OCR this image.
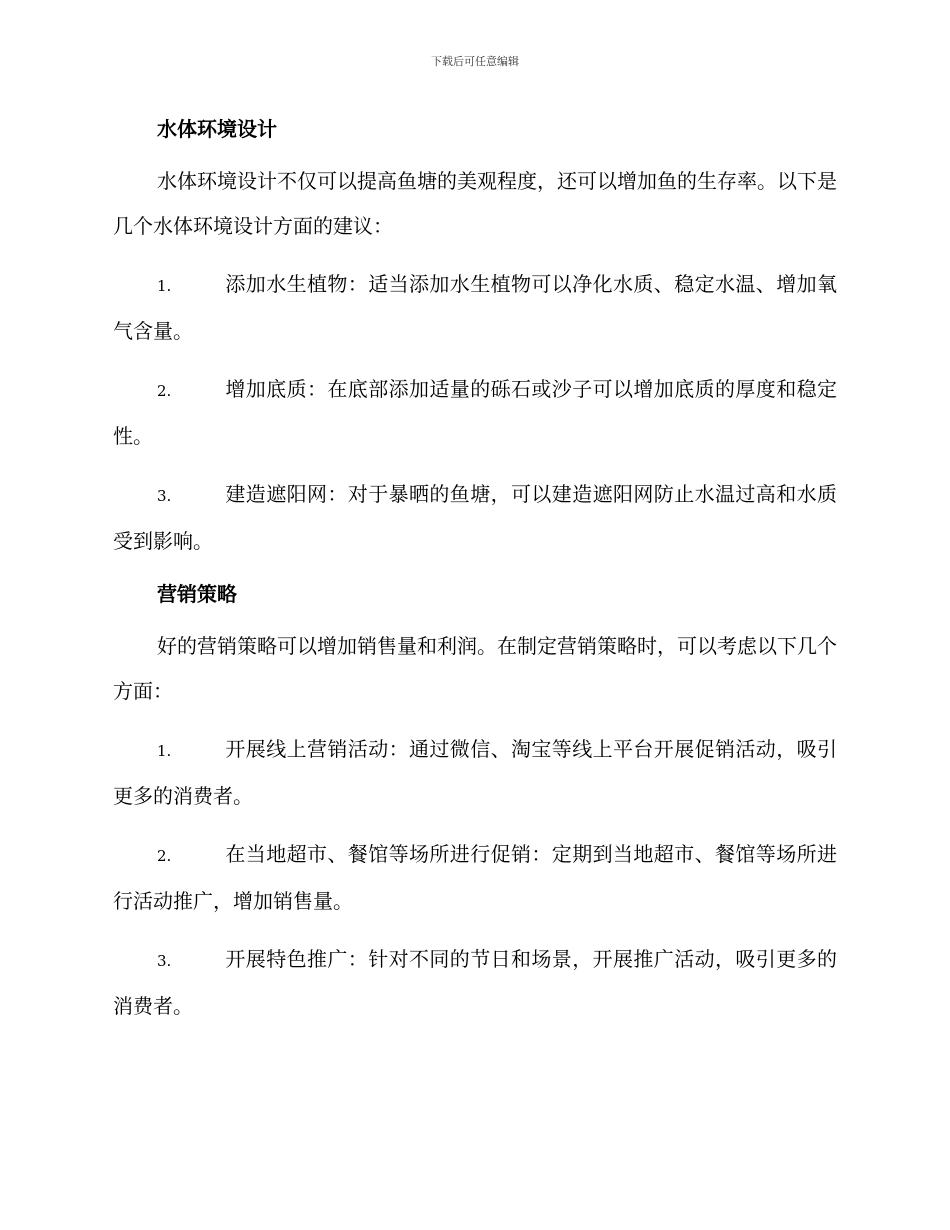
下载后可任意编辑
水体环境设计
水体环境设计不仅可以提高鱼塘的美观程度，还可以增加鱼的生存率。以下是几个水体环境设计方面的建议：
1.	添加水生植物：适当添加水生植物可以净化水质、稳定水温、增加氧气含量。
2.	增加底质：在底部添加适量的砾石或沙子可以增加底质的厚度和稳定性。
3.	建造遮阳网：对于暴晒的鱼塘，可以建造遮阳网防止水温过高和水质受到影响。
营销策略
好的营销策略可以增加销售量和利润。在制定营销策略时，可以考虑以下几个方面：
1.	开展线上营销活动：通过微信、淘宝等线上平台开展促销活动，吸引更多的消费者。
2.	在当地超市、餐馆等场所进行促销：定期到当地超市、餐馆等场所进行活动推广，增加销售量。
3.	开展特色推广：针对不同的节日和场景，开展推广活动，吸引更多的消费者。
